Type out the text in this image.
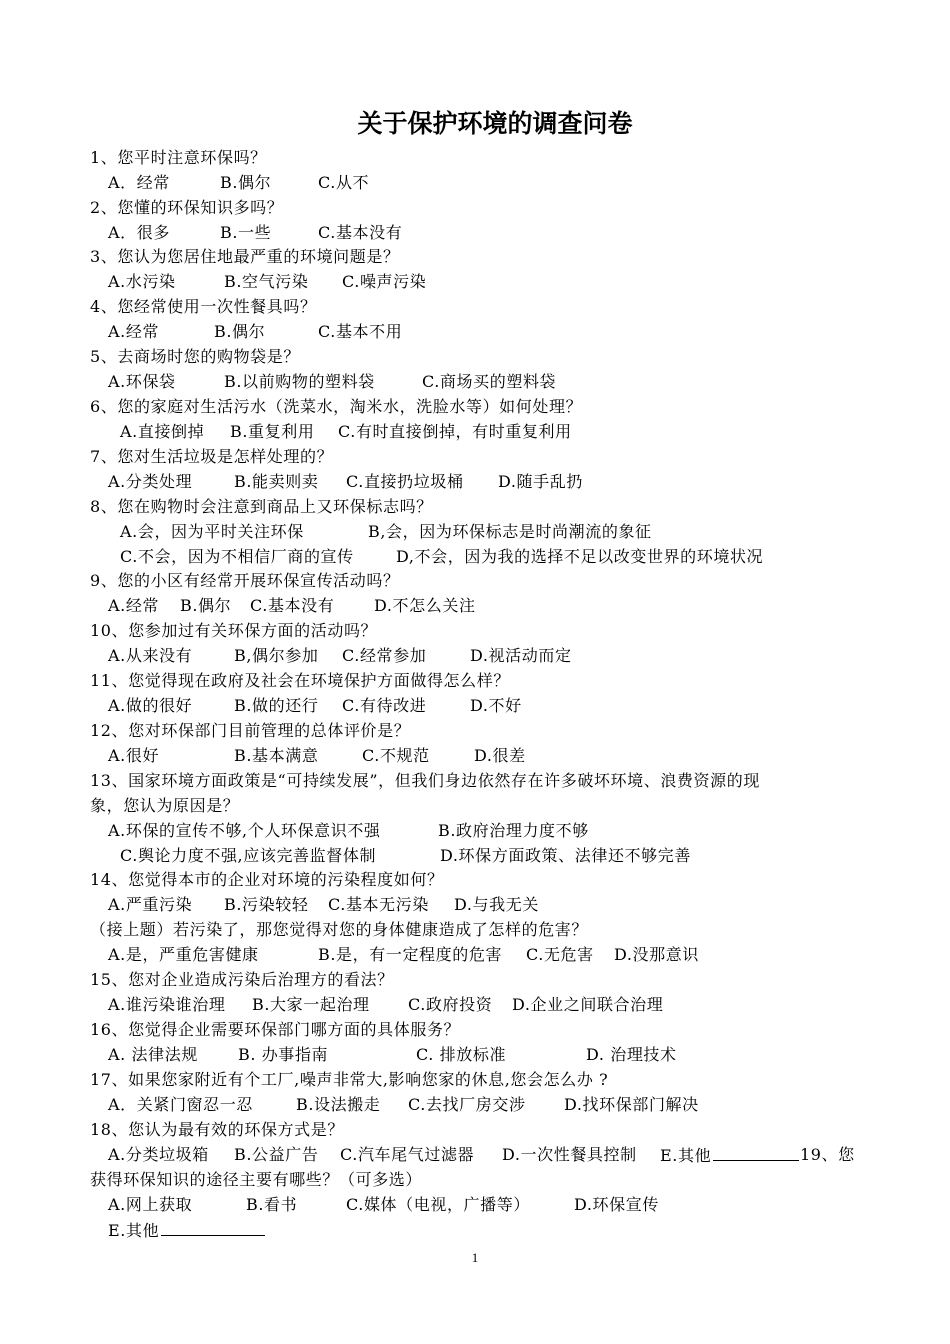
关于保护环境的调查问卷
1、您平时注意环保吗？
A．经常	B.偶尔	C.从不
2、您懂的环保知识多吗？
A．很多	B.一些	C.基本没有
3、您认为您居住地最严重的环境问题是？
A.水污染	B.空气污染 C.噪声污染
4、您经常使用一次性餐具吗？
A.经常	B.偶尔	C.基本不用
5、去商场时您的购物袋是？
A.环保袋	B.以前购物的塑料袋	C.商场买的塑料袋
6、您的家庭对生活污水（洗菜水，淘米水，洗脸水等）如何处理？
A.直接倒掉 B.重复利用 C.有时直接倒掉，有时重复利用
7、您对生活垃圾是怎样处理的？
A.分类处理	B.能卖则卖 C.直接扔垃圾桶 D.随手乱扔
8、您在购物时会注意到商品上又环保标志吗？
A.会，因为平时关注环保	B,会，因为环保标志是时尚潮流的象征
C.不会，因为不相信厂商的宣传	D,不会，因为我的选择不足以改变世界的环境状况
9、您的小区有经常开展环保宣传活动吗？
A.经常 B.偶尔 C.基本没有 D.不怎么关注
10、您参加过有关环保方面的活动吗？
A.从来没有	B,偶尔参加 C.经常参加	D.视活动而定
11、您觉得现在政府及社会在环境保护方面做得怎么样？
A.做的很好	B.做的还行 C.有待改进	D.不好
12、您对环保部门目前管理的总体评价是？
A.很好	B.基本满意	C.不规范	D.很差
13、国家环境方面政策是“可持续发展”，但我们身边依然存在许多破坏环境、浪费资源的现
象，您认为原因是？
A.环保的宣传不够,个人环保意识不强	B.政府治理力度不够
C.舆论力度不强,应该完善监督体制	D.环保方面政策、法律还不够完善
14、您觉得本市的企业对环境的污染程度如何？
A.严重污染 B.污染较轻 C.基本无污染 D.与我无关
（接上题）若污染了，那您觉得对您的身体健康造成了怎样的危害？
A.是，严重危害健康	B.是，有一定程度的危害 C.无危害 D.没那意识
15、您对企业造成污染后治理方的看法？
A.谁污染谁治理 B.大家一起治理 C.政府投资 D.企业之间联合治理
16、您觉得企业需要环保部门哪方面的具体服务？
A. 法律法规	B. 办事指南	C. 排放标准	D. 治理技术
17、如果您家附近有个工厂,噪声非常大,影响您家的休息,您会怎么办 ?
A．关紧门窗忍一忍	B.设法搬走 C.去找厂房交涉 D.找环保部门解决
18、您认为最有效的环保方式是？
A.分类垃圾箱 B.公益广告 C.汽车尾气过滤器 D.一次性餐具控制 E.其他	19、您
获得环保知识的途径主要有哪些？（可多选）
A.网上获取	B.看书	C.媒体（电视，广播等）	D.环保宣传
E.其他
1
